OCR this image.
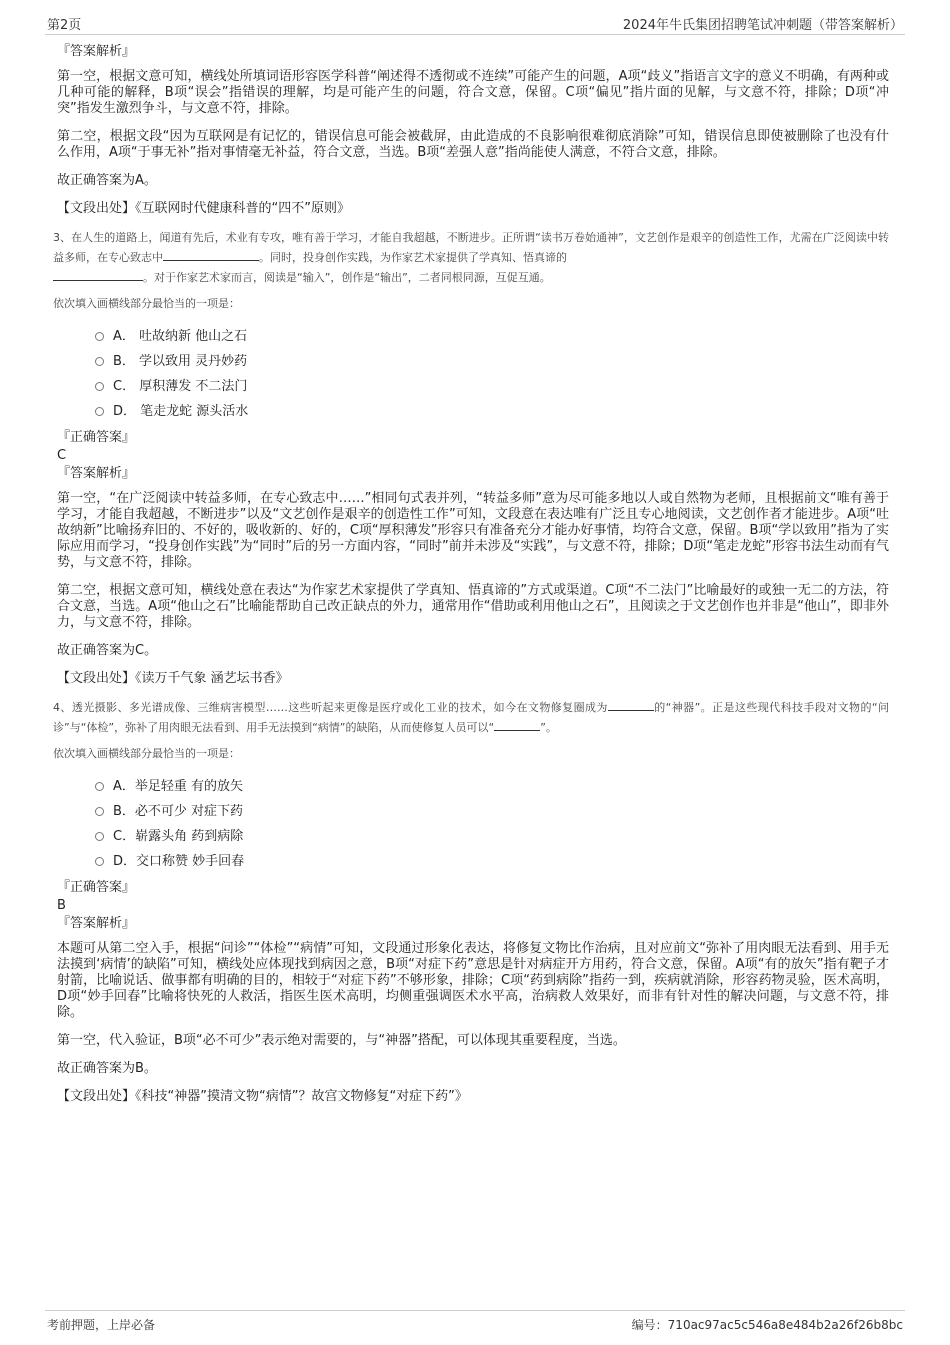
第2页	2024年牛氏集团招聘笔试冲刺题（带答案解析）
『答案解析』

第一空，根据文意可知，横线处所填词语形容医学科普“阐述得不透彻或不连续”可能产生的问题，A项“歧义”指语言文字的意义不明确，有两种或几种可能的解释，B项“误会”指错误的理解，均是可能产生的问题，符合文意，保留。C项“偏见”指片面的见解，与文意不符，排除；D项“冲突”指发生激烈争斗，与文意不符，排除。

第二空，根据文段“因为互联网是有记忆的，错误信息可能会被截屏，由此造成的不良影响很难彻底消除”可知，错误信息即使被删除了也没有什么作用，A项“于事无补”指对事情毫无补益，符合文意，当选。B项“差强人意”指尚能使人满意，不符合文意，排除。

故正确答案为A。

【文段出处】《互联网时代健康科普的“四不”原则》

3、在人生的道路上，闻道有先后，术业有专攻，唯有善于学习，才能自我超越，不断进步。正所谓“读书万卷始通神”，文艺创作是艰辛的创造性工作，尤需在广泛阅读中转益多师，在专心致志中	。同时，投身创作实践，为作家艺术家提供了学真知、悟真谛的
。对于作家艺术家而言，阅读是“输入”，创作是“输出”，二者同根同源，互促互通。

依次填入画横线部分最恰当的一项是：

A． 吐故纳新 他山之石
B． 学以致用 灵丹妙药
C． 厚积薄发 不二法门
D． 笔走龙蛇 源头活水
『正确答案』
C
『答案解析』

第一空，“在广泛阅读中转益多师，在专心致志中……”相同句式表并列，“转益多师”意为尽可能多地以人或自然物为老师，且根据前文“唯有善于学习，才能自我超越，不断进步”以及“文艺创作是艰辛的创造性工作”可知，文段意在表达唯有广泛且专心地阅读，文艺创作者才能进步。A项“吐故纳新”比喻扬弃旧的、不好的，吸收新的、好的，C项“厚积薄发”形容只有准备充分才能办好事情，均符合文意，保留。B项“学以致用”指为了实际应用而学习，“投身创作实践”为“同时”后的另一方面内容，“同时”前并未涉及“实践”，与文意不符，排除；D项“笔走龙蛇”形容书法生动而有气势，与文意不符，排除。

第二空，根据文意可知，横线处意在表达“为作家艺术家提供了学真知、悟真谛的”方式或渠道。C项“不二法门”比喻最好的或独一无二的方法，符合文意，当选。A项“他山之石”比喻能帮助自己改正缺点的外力，通常用作“借助或利用他山之石”，且阅读之于文艺创作也并非是“他山”，即非外力，与文意不符，排除。

故正确答案为C。

【文段出处】《读万千气象 涵艺坛书香》

4、透光摄影、多光谱成像、三维病害模型……这些听起来更像是医疗或化工业的技术，如今在文物修复圈成为	的“神器”。正是这些现代科技手段对文物的“问诊”与“体检”，弥补了用肉眼无法看到、用手无法摸到“病情”的缺陷，从而使修复人员可以“	”。

依次填入画横线部分最恰当的一项是：

A．举足轻重 有的放矢
B．必不可少 对症下药
C．崭露头角 药到病除
D．交口称赞 妙手回春
『正确答案』
B
『答案解析』

本题可从第二空入手，根据“问诊”“体检”“病情”可知，文段通过形象化表达，将修复文物比作治病，且对应前文“弥补了用肉眼无法看到、用手无法摸到‘病情’的缺陷”可知，横线处应体现找到病因之意，B项“对症下药”意思是针对病症开方用药，符合文意，保留。A项“有的放矢”指有靶子才射箭，比喻说话、做事都有明确的目的，相较于“对症下药”不够形象，排除；C项“药到病除”指药一到，疾病就消除，形容药物灵验，医术高明，D项“妙手回春”比喻将快死的人救活，指医生医术高明，均侧重强调医术水平高，治病救人效果好，而非有针对性的解决问题，与文意不符，排除。

第一空，代入验证，B项“必不可少”表示绝对需要的，与“神器”搭配，可以体现其重要程度，当选。

故正确答案为B。

【文段出处】《科技“神器”摸清文物“病情”？故宫文物修复“对症下药”》

考前押题，上岸必备	编号：710ac97ac5c546a8e484b2a26f26b8bc
